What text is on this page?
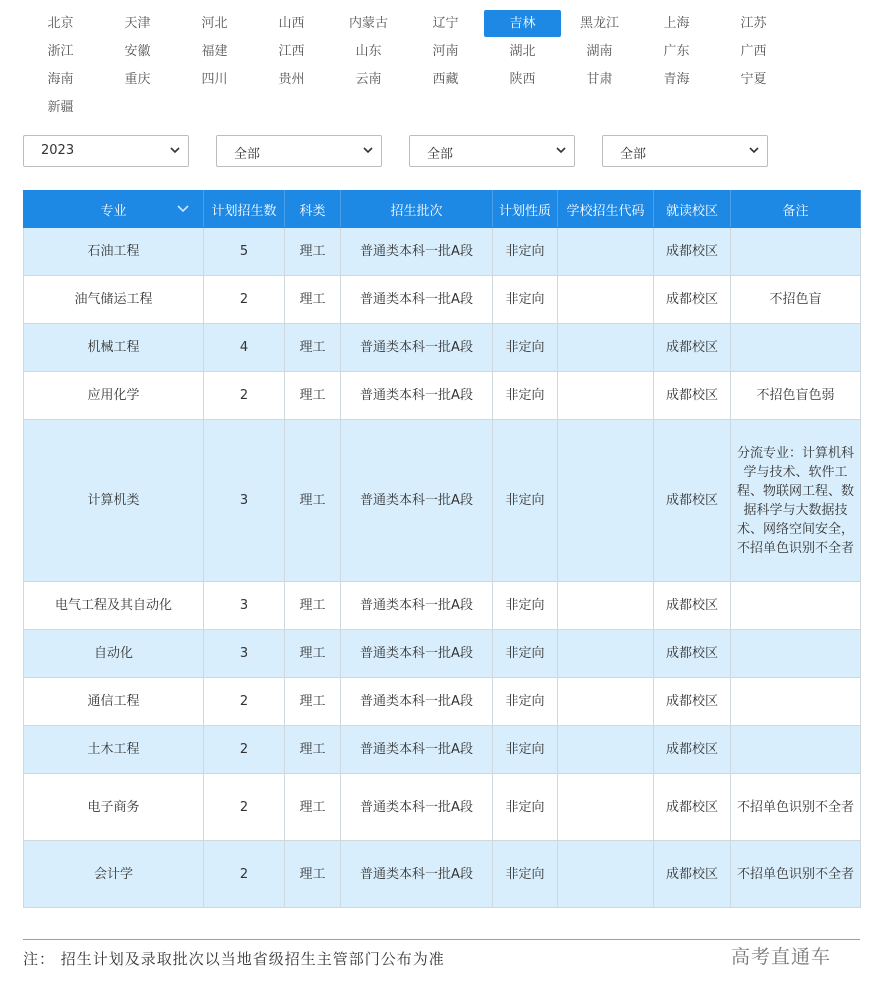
北京	天津	河北	山西	内蒙古	辽宁	吉林	黑龙江	上海	江苏
浙江	安徽	福建	江西	山东	河南	湖北	湖南	广东	广西
海南	重庆	四川	贵州	云南	西藏	陕西	甘肃	青海	宁夏
新疆
2023	全部	全部	全部
专业	计划招生数	科类	招生批次	计划性质	学校招生代码	就读校区	备注
石油工程	5	理工	普通类本科一批A段	非定向		成都校区	
油气储运工程	2	理工	普通类本科一批A段	非定向		成都校区	不招色盲
机械工程	4	理工	普通类本科一批A段	非定向		成都校区	
应用化学	2	理工	普通类本科一批A段	非定向		成都校区	不招色盲色弱
计算机类	3	理工	普通类本科一批A段	非定向		成都校区	分流专业：计算机科学与技术、软件工程、物联网工程、数据科学与大数据技术、网络空间安全，不招单色识别不全者
电气工程及其自动化	3	理工	普通类本科一批A段	非定向		成都校区	
自动化	3	理工	普通类本科一批A段	非定向		成都校区	
通信工程	2	理工	普通类本科一批A段	非定向		成都校区	
土木工程	2	理工	普通类本科一批A段	非定向		成都校区	
电子商务	2	理工	普通类本科一批A段	非定向		成都校区	不招单色识别不全者
会计学	2	理工	普通类本科一批A段	非定向		成都校区	不招单色识别不全者
注： 招生计划及录取批次以当地省级招生主管部门公布为准	高考直通车
